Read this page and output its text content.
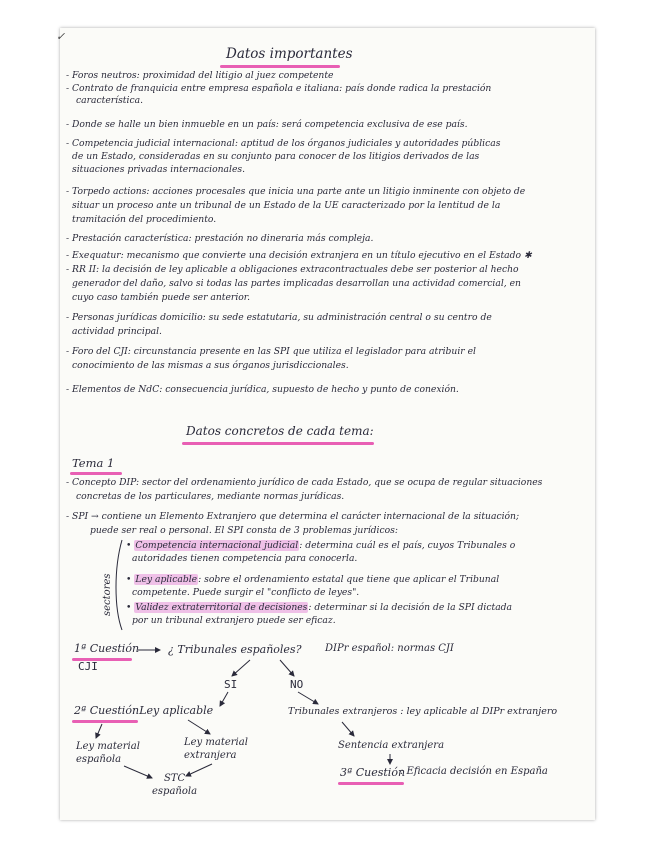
✓
Datos importantes
- Foros neutros: proximidad del litigio al juez competente
- Contrato de franquicia entre empresa española e italiana: país donde radica la prestación
característica.
- Donde se halle un bien inmueble en un país: será competencia exclusiva de ese país.
- Competencia judicial internacional: aptitud de los órganos judiciales y autoridades públicas
de un Estado, consideradas en su conjunto para conocer de los litigios derivados de las
situaciones privadas internacionales.
- Torpedo actions: acciones procesales que inicia una parte ante un litigio inminente con objeto de
situar un proceso ante un tribunal de un Estado de la UE caracterizado por la lentitud de la
tramitación del procedimiento.
- Prestación característica: prestación no dineraria más compleja.
- Exequatur: mecanismo que convierte una decisión extranjera en un título ejecutivo en el Estado ✱
- RR II: la decisión de ley aplicable a obligaciones extracontractuales debe ser posterior al hecho
generador del daño, salvo si todas las partes implicadas desarrollan una actividad comercial, en
cuyo caso también puede ser anterior.
- Personas jurídicas domicilio: su sede estatutaria, su administración central o su centro de
actividad principal.
- Foro del CJI: circunstancia presente en las SPI que utiliza el legislador para atribuir el
conocimiento de las mismas a sus órganos jurisdiccionales.
- Elementos de NdC: consecuencia jurídica, supuesto de hecho y punto de conexión.
Datos concretos de cada tema:
Tema 1
- Concepto DIP: sector del ordenamiento jurídico de cada Estado, que se ocupa de regular situaciones
concretas de los particulares, mediante normas jurídicas.
- SPI → contiene un Elemento Extranjero que determina el carácter internacional de la situación;
puede ser real o personal. El SPI consta de 3 problemas jurídicos:
• Competencia internacional judicial: determina cuál es el país, cuyos Tribunales o
autoridades tienen competencia para conocerla.
• Ley aplicable: sobre el ordenamiento estatal que tiene que aplicar el Tribunal
competente. Puede surgir el "conflicto de leyes".
• Validez extraterritorial de decisiones: determinar si la decisión de la SPI dictada
por un tribunal extranjero puede ser eficaz.
sectores
1ª Cuestión
CJI
¿ Tribunales españoles? DIPr español: normas CJI
SI	NO
2ª Cuestión
: Ley aplicable	Tribunales extranjeros : ley aplicable al DIPr extranjero
Ley material
española
Ley material
extranjera
STC
española
Sentencia extranjera
3ª Cuestión
: Eficacia decisión en España
